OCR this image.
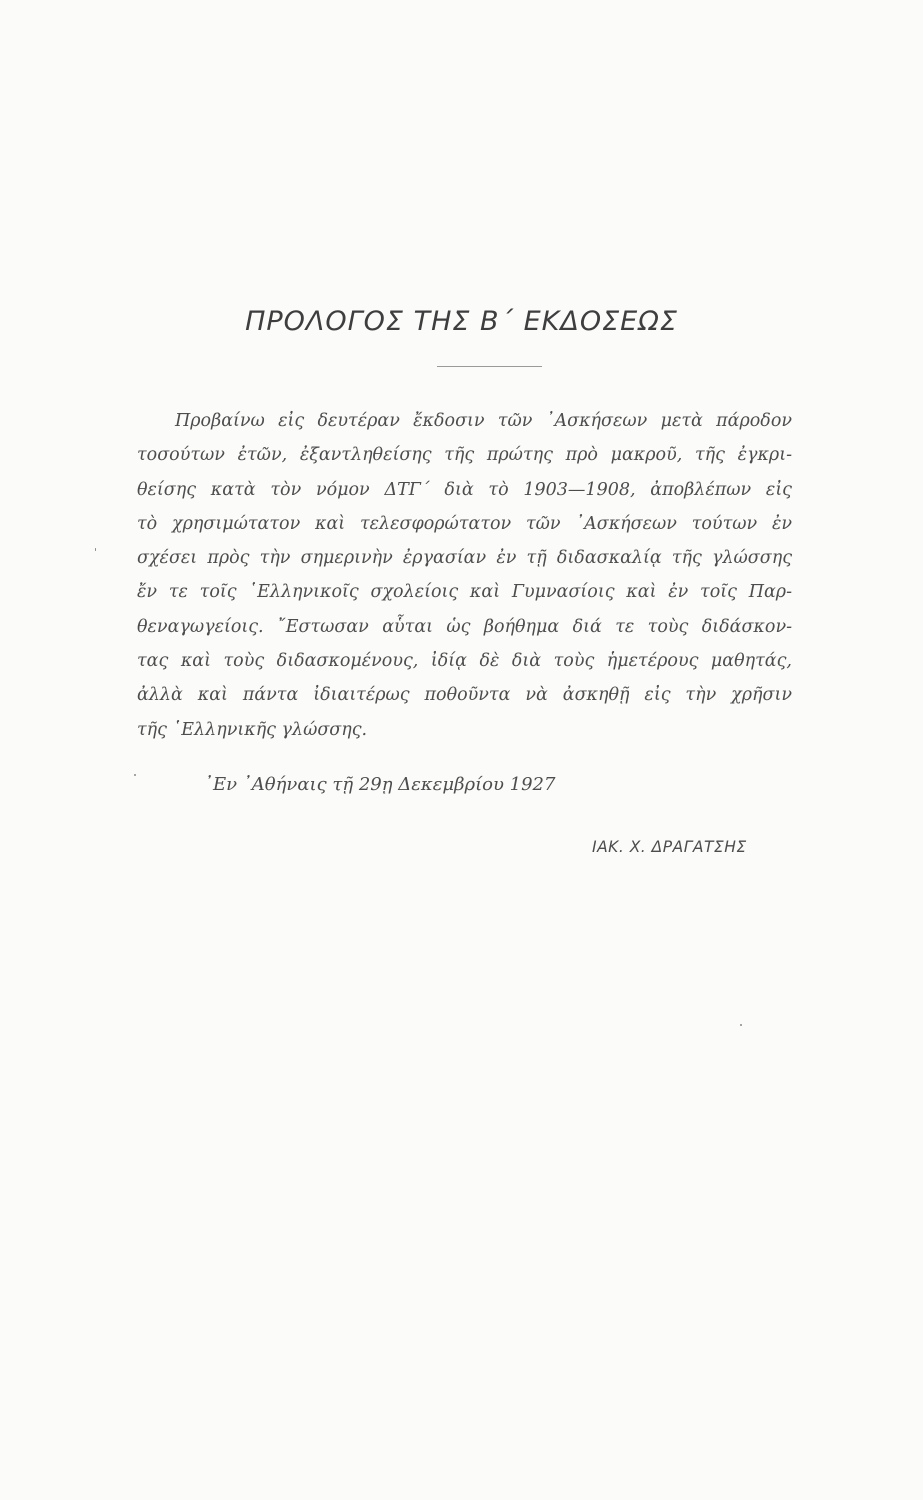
ΠΡΟΛΟΓΟΣ ΤΗΣ Β΄ ΕΚΔΟΣΕΩΣ
Προβαίνω εἰς δευτέραν ἔκδοσιν τῶν ᾽Ασκήσεων μετὰ πάροδον
τοσούτων ἐτῶν, ἐξαντληθείσης τῆς πρώτης πρὸ μακροῦ, τῆς ἐγκρι-
θείσης κατὰ τὸν νόμον ΔΤΓ΄ διὰ τὸ 1903—1908, ἀποβλέπων εἰς
τὸ χρησιμώτατον καὶ τελεσφορώτατον τῶν ᾽Ασκήσεων τούτων ἐν
σχέσει πρὸς τὴν σημερινὴν ἐργασίαν ἐν τῇ διδασκαλίᾳ τῆς γλώσσης
ἔν τε τοῖς ῾Ελληνικοῖς σχολείοις καὶ Γυμνασίοις καὶ ἐν τοῖς Παρ-
θεναγωγείοις. ῎Εστωσαν αὗται ὡς βοήθημα διά τε τοὺς διδάσκον-
τας καὶ τοὺς διδασκομένους, ἰδίᾳ δὲ διὰ τοὺς ἡμετέρους μαθητάς,
ἀλλὰ καὶ πάντα ἰδιαιτέρως ποθοῦντα νὰ ἀσκηθῇ εἰς τὴν χρῆσιν
τῆς ῾Ελληνικῆς γλώσσης.
᾽Εν ᾽Αθήναις τῇ 29ῃ Δεκεμβρίου 1927
ΙΑΚ. Χ. ΔΡΑΓΑΤΣΗΣ
